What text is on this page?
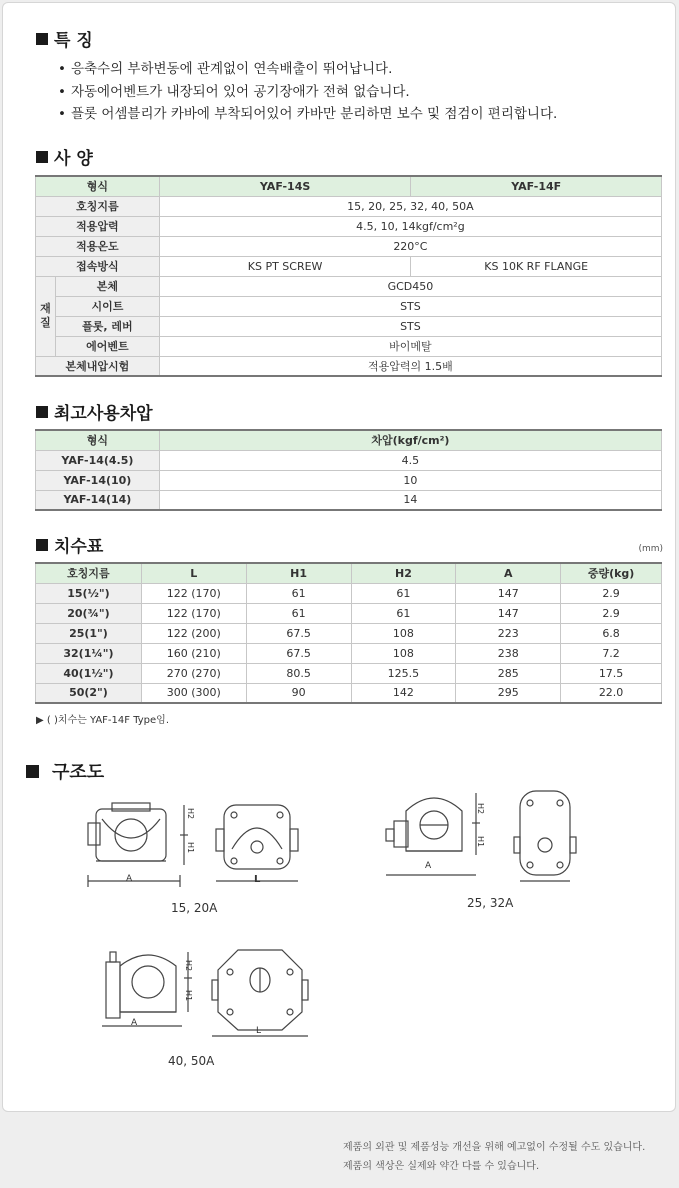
특 징
• 응축수의 부하변동에 관계없이 연속배출이 뛰어납니다.
• 자동에어벤트가 내장되어 있어 공기장애가 전혀 없습니다.
• 플롯 어셈블리가 카바에 부착되어있어 카바만 분리하면 보수 및 점검이 편리합니다.
사 양
형식		YAF-14S	YAF-14F
호칭지름		15, 20, 25, 32, 40, 50A	
적용압력		4.5, 10, 14kgf/cm²g	
적용온도		220°C	
접속방식		KS PT SCREW	KS 10K RF FLANGE
재
질	본체	GCD450	
	시이트	STS	
	플롯, 레버	STS	
	에어벤트	바이메탈	
본체내압시험		적용압력의 1.5배	
최고사용차압
형식	차압(kgf/cm²)
YAF-14(4.5)	4.5
YAF-14(10)	10
YAF-14(14)	14
치수표	(mm)
호칭지름	L	H1	H2	A	중량(kg)
15(½")	122 (170)	61	61	147	2.9
20(¾")	122 (170)	61	61	147	2.9
25(1")	122 (200)	67.5	108	223	6.8
32(1¼")	160 (210)	67.5	108	238	7.2
40(1½")	270 (270)	80.5	125.5	285	17.5
50(2")	300 (300)	90	142	295	22.0
▶ ( )치수는 YAF-14F Type임.
구조도
A	L
H2
H1
15, 20A
A
H2
H1
25, 32A
A
L
H2
H1
40, 50A
제품의 외관 및 제품성능 개선을 위해 예고없이 수정될 수도 있습니다.
제품의 색상은 실제와 약간 다를 수 있습니다.
